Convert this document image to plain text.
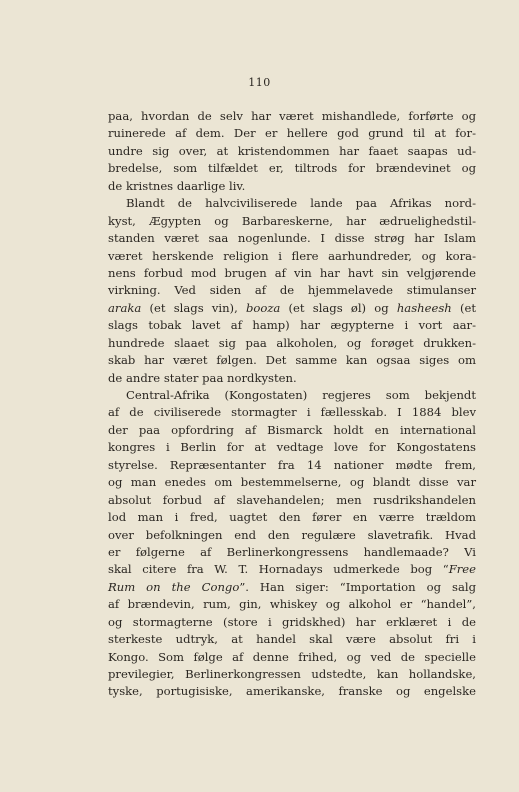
110
paa, hvordan de selv har været mishandlede, forførte og
ruinerede af dem. Der er hellere god grund til at for-
undre sig over, at kristendommen har faaet saapas ud-
bredelse, som tilfældet er, tiltrods for brændevinet og
de kristnes daarlige liv.
Blandt de halvciviliserede lande paa Afrikas nord-
kyst, Ægypten og Barbareskerne, har ædruelighedstil-
standen været saa nogenlunde. I disse strøg har Islam
været herskende religion i flere aarhundreder, og kora-
nens forbud mod brugen af vin har havt sin velgjørende
virkning. Ved siden af de hjemmelavede stimulanser
araka (et slags vin), booza (et slags øl) og hasheesh (et
slags tobak lavet af hamp) har ægypterne i vort aar-
hundrede slaaet sig paa alkoholen, og forøget drukken-
skab har været følgen. Det samme kan ogsaa siges om
de andre stater paa nordkysten.
Central-Afrika (Kongostaten) regjeres som bekjendt
af de civiliserede stormagter i fællesskab. I 1884 blev
der paa opfordring af Bismarck holdt en international
kongres i Berlin for at vedtage love for Kongostatens
styrelse. Repræsentanter fra 14 nationer mødte frem,
og man enedes om bestemmelserne, og blandt disse var
absolut forbud af slavehandelen; men rusdrikshandelen
lod man i fred, uagtet den fører en værre trældom
over befolkningen end den regulære slavetrafik. Hvad
er følgerne af Berlinerkongressens handlemaade? Vi
skal citere fra W. T. Hornadays udmerkede bog “Free
Rum on the Congo”. Han siger: “Importation og salg
af brændevin, rum, gin, whiskey og alkohol er “handel”,
og stormagterne (store i gridskhed) har erklæret i de
sterkeste udtryk, at handel skal være absolut fri i
Kongo. Som følge af denne frihed, og ved de specielle
previlegier, Berlinerkongressen udstedte, kan hollandske,
tyske, portugisiske, amerikanske, franske og engelske
